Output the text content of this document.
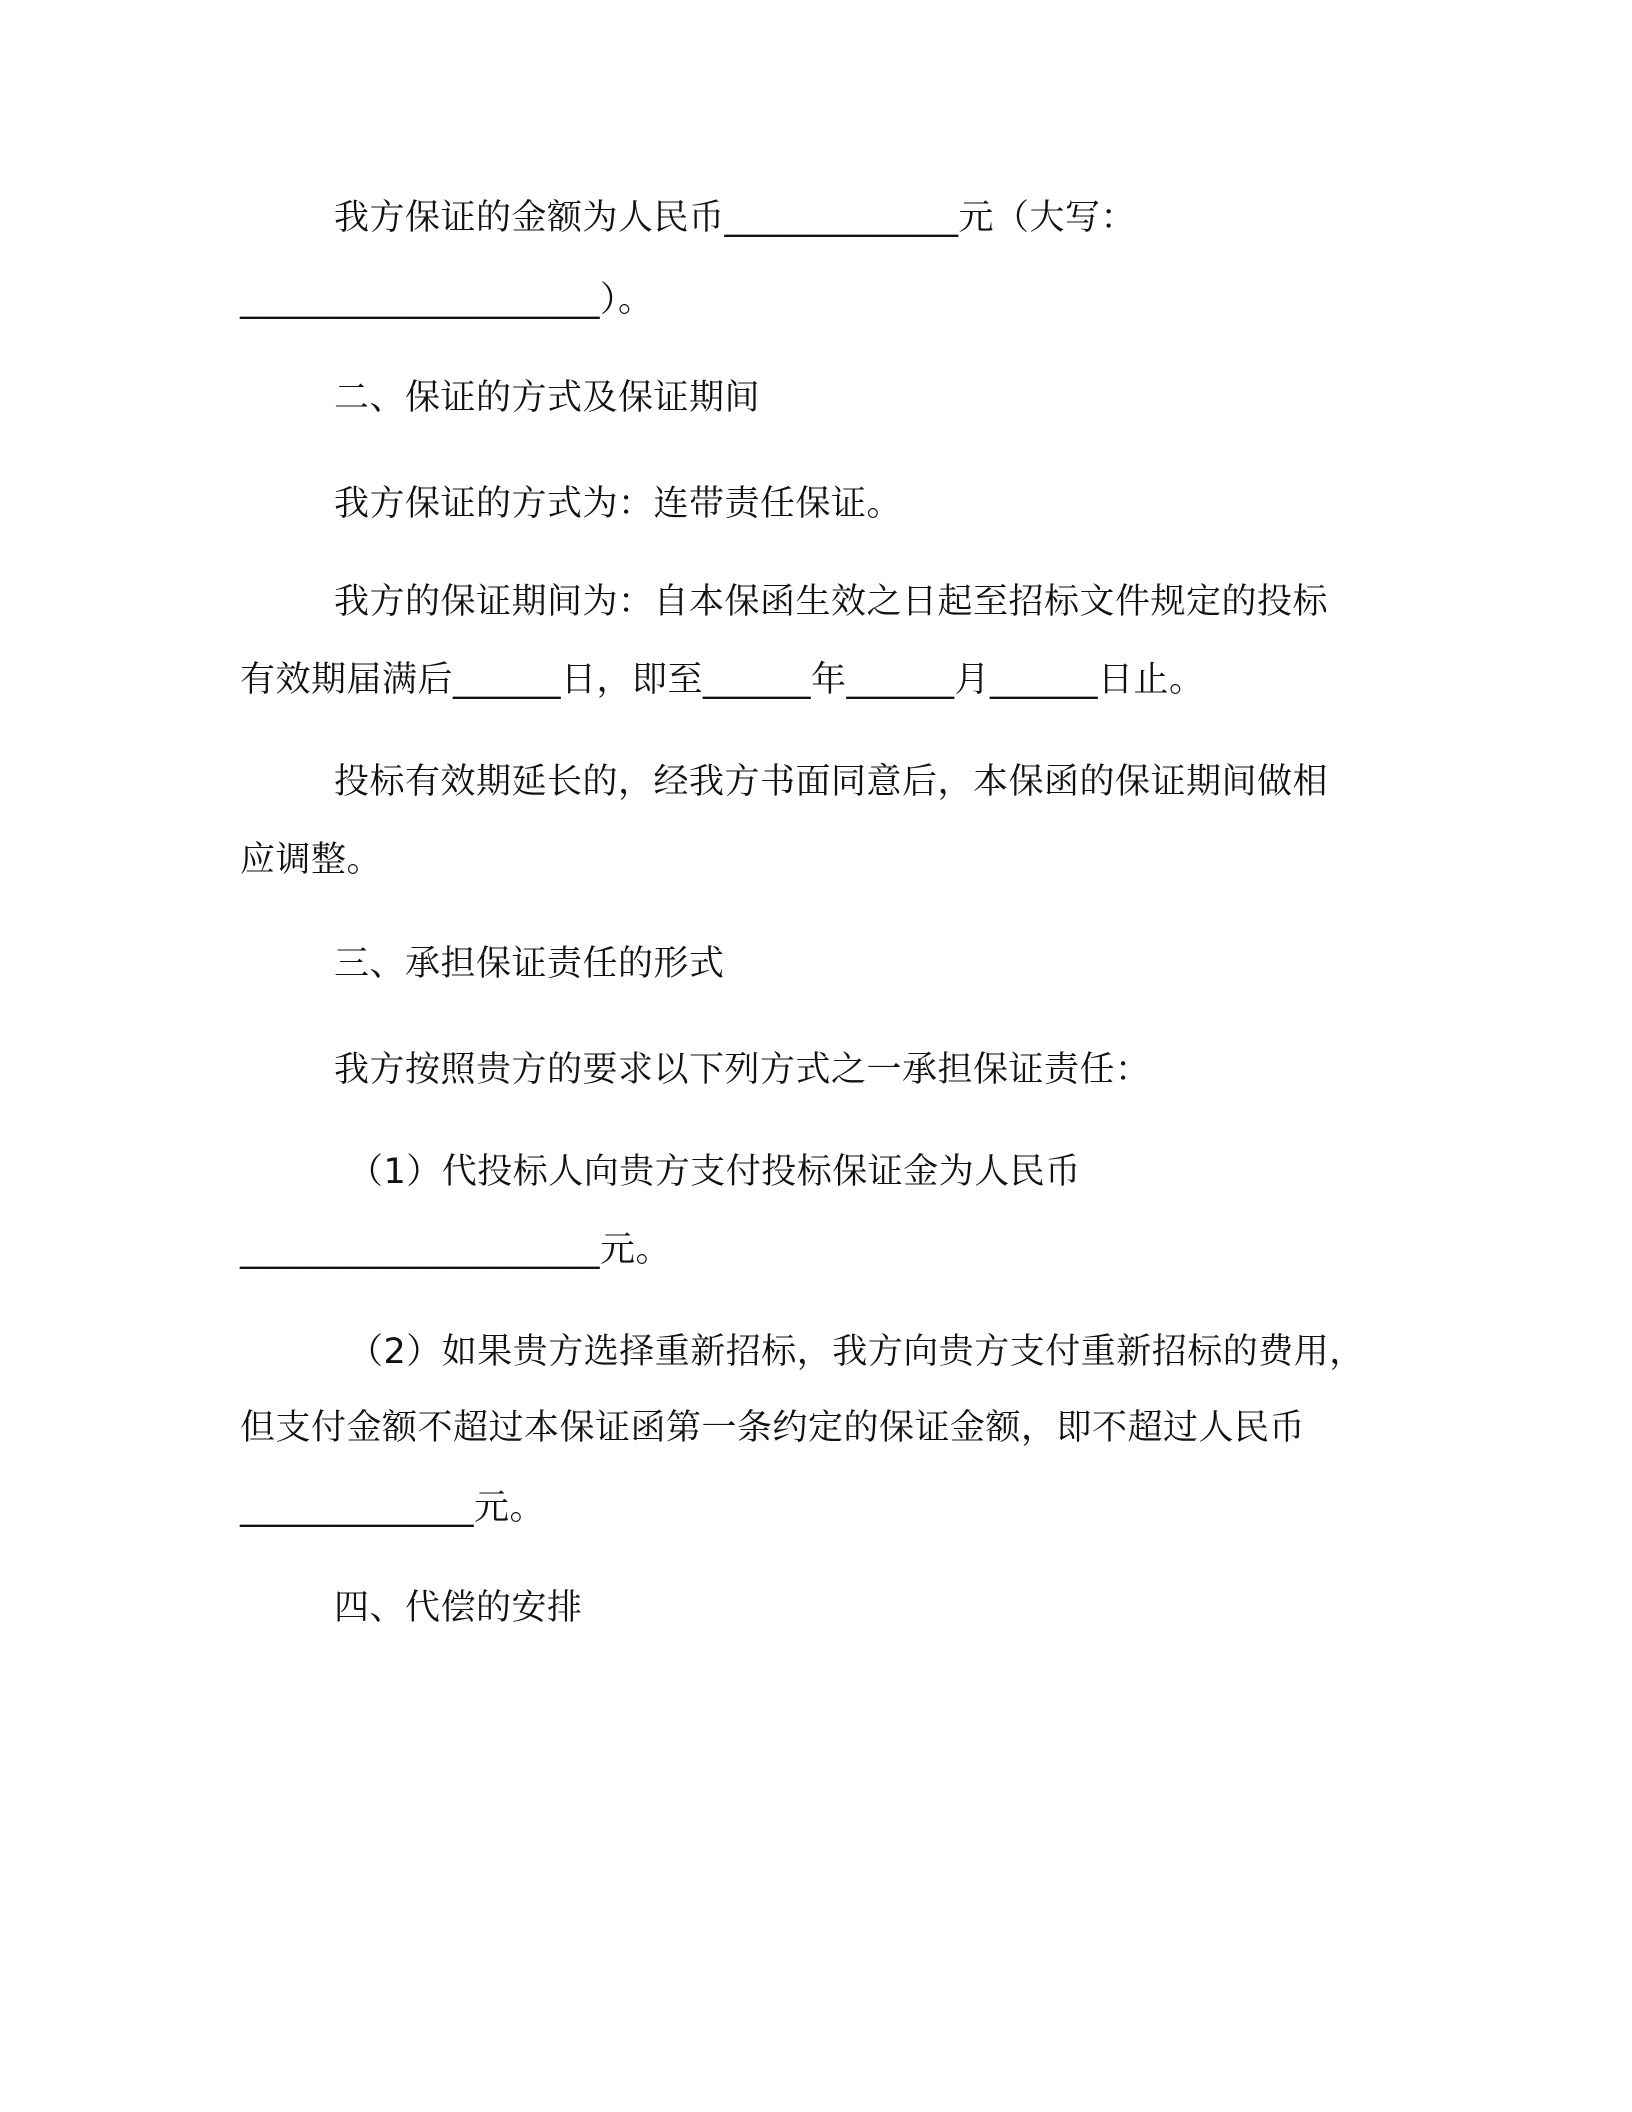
我方保证的金额为人民币_____________元（大写：
____________________）。
二、保证的方式及保证期间
我方保证的方式为：连带责任保证。
我方的保证期间为：自本保函生效之日起至招标文件规定的投标
有效期届满后______日，即至______年______月______日止。
投标有效期延长的，经我方书面同意后，本保函的保证期间做相
应调整。
三、承担保证责任的形式
我方按照贵方的要求以下列方式之一承担保证责任：
（1）代投标人向贵方支付投标保证金为人民币
____________________元。
（2）如果贵方选择重新招标，我方向贵方支付重新招标的费用，
但支付金额不超过本保证函第一条约定的保证金额，即不超过人民币
_____________元。
四、代偿的安排
